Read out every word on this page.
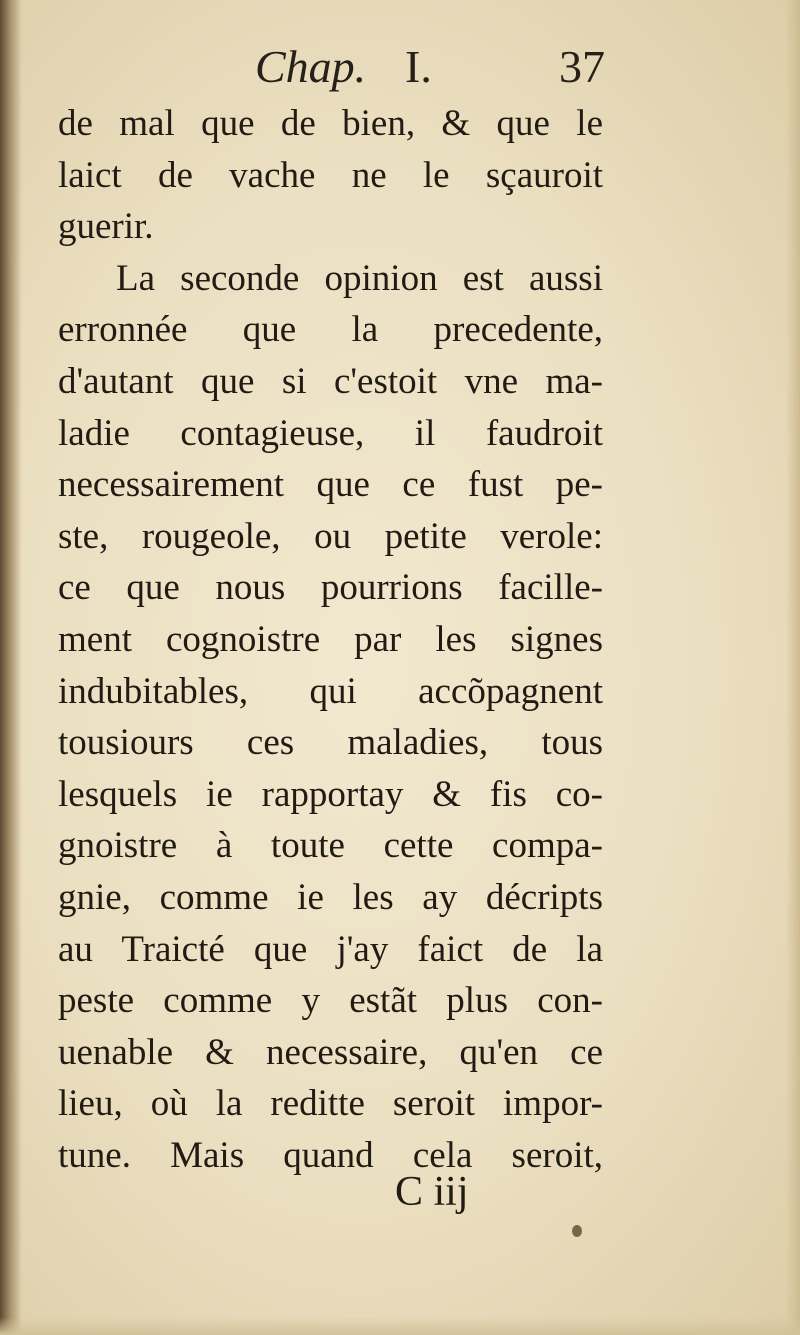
Chap. I.	37
de mal que de bien, & que le
laict de vache ne le sçauroit
guerir.
La seconde opinion est aussi
erronnée que la precedente,
d'autant que si c'estoit vne ma-
ladie contagieuse, il faudroit
necessairement que ce fust pe-
ste, rougeole, ou petite verole:
ce que nous pourrions facille-
ment cognoistre par les signes
indubitables, qui accõpagnent
tousiours ces maladies, tous
lesquels ie rapportay & fis co-
gnoistre à toute cette compa-
gnie, comme ie les ay décripts
au Traicté que j'ay faict de la
peste comme y estãt plus con-
uenable & necessaire, qu'en ce
lieu, où la reditte seroit impor-
tune. Mais quand cela seroit,
C iij
